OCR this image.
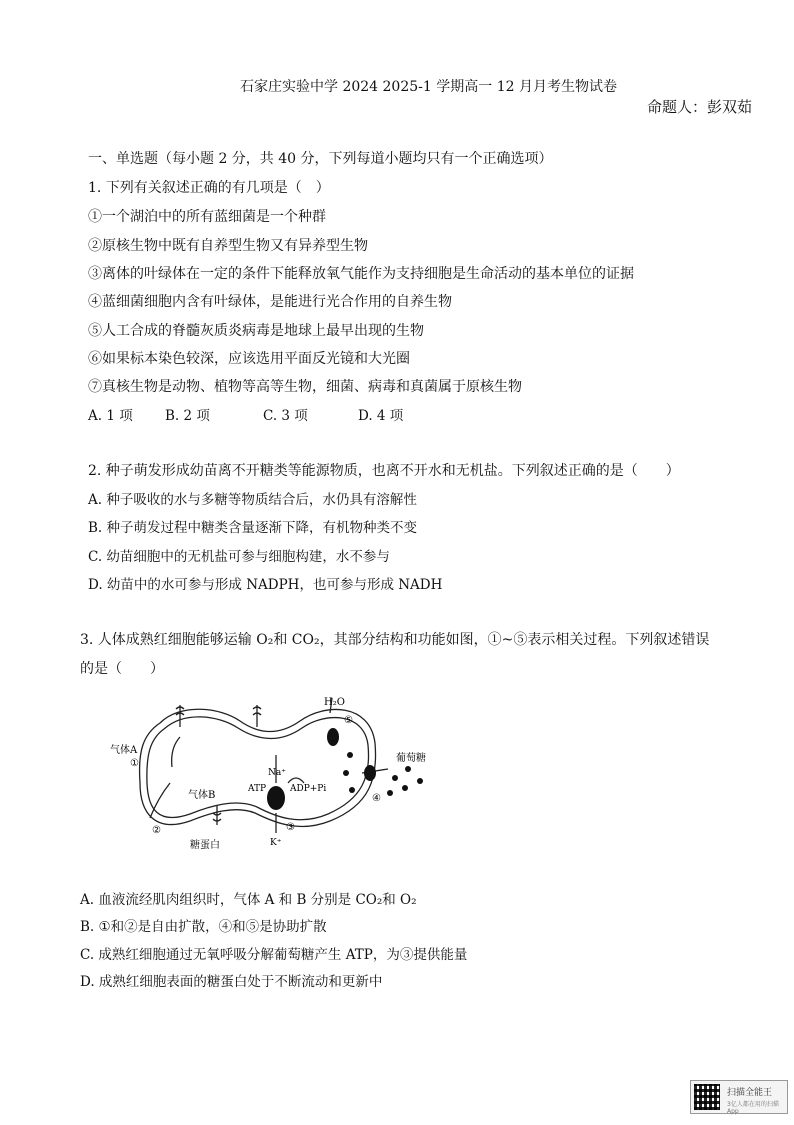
石家庄实验中学 2024 2025-1 学期高一 12 月月考生物试卷
命题人：彭双茹
一、单选题（每小题 2 分，共 40 分，下列每道小题均只有一个正确选项）
1. 下列有关叙述正确的有几项是（　）
①一个湖泊中的所有蓝细菌是一个种群
②原核生物中既有自养型生物又有异养型生物
③离体的叶绿体在一定的条件下能释放氧气能作为支持细胞是生命活动的基本单位的证据
④蓝细菌细胞内含有叶绿体，是能进行光合作用的自养生物
⑤人工合成的脊髓灰质炎病毒是地球上最早出现的生物
⑥如果标本染色较深，应该选用平面反光镜和大光圈
⑦真核生物是动物、植物等高等生物，细菌、病毒和真菌属于原核生物
A. 1 项 B. 2 项	C. 3 项	D. 4 项
2. 种子萌发形成幼苗离不开糖类等能源物质，也离不开水和无机盐。下列叙述正确的是（　　）
A. 种子吸收的水与多糖等物质结合后，水仍具有溶解性
B. 种子萌发过程中糖类含量逐渐下降，有机物种类不变
C. 幼苗细胞中的无机盐可参与细胞构建，水不参与
D. 幼苗中的水可参与形成 NADPH，也可参与形成 NADH
3. 人体成熟红细胞能够运输 O₂和 CO₂，其部分结构和功能如图，①~⑤表示相关过程。下列叙述错误
的是（　　）
气体A
①
气体B
②
糖蛋白
ATP	ADP+Pi
Na⁺
K⁺
③
H₂O
⑤
葡萄糖
④
A. 血液流经肌肉组织时，气体 A 和 B 分别是 CO₂和 O₂
B. ①和②是自由扩散，④和⑤是协助扩散
C. 成熟红细胞通过无氧呼吸分解葡萄糖产生 ATP，为③提供能量
D. 成熟红细胞表面的糖蛋白处于不断流动和更新中
扫描全能王
3亿人都在用的扫描App
